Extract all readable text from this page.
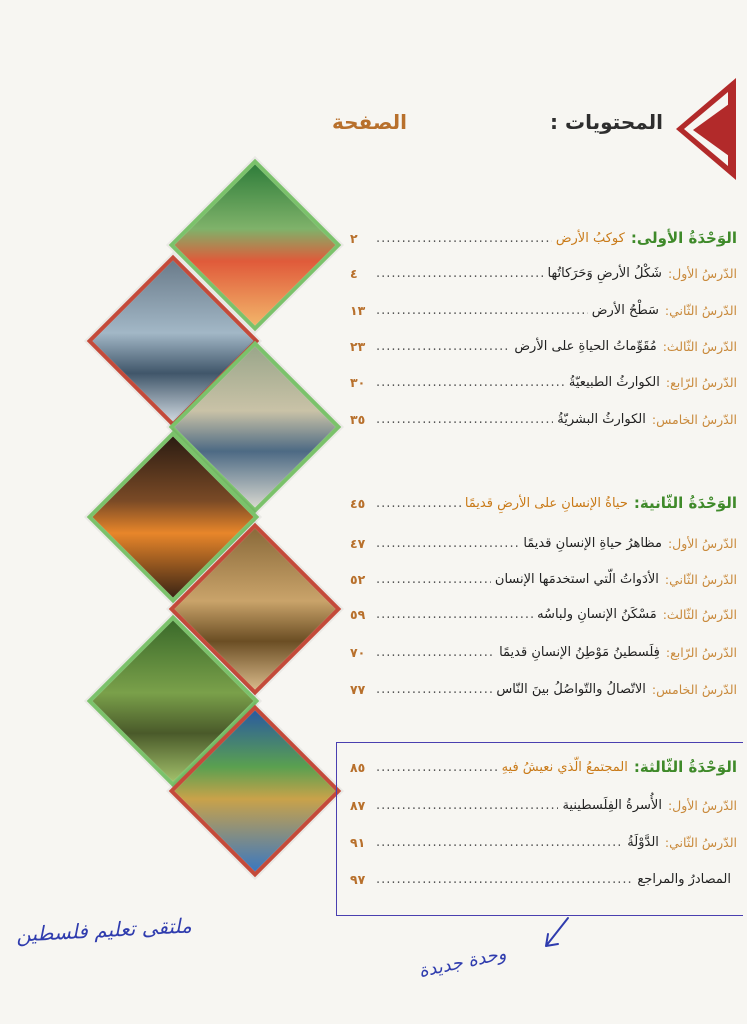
المحتويات :
الصفحة
الوَحْدَةُ الأولى:
كوكبُ الأرض
.....
٢
الدّرسُ الأول:
شَكْلُ الأرضِ وَحَرَكاتُها
.....
٤
الدّرسُ الثّاني:
سَطْحُ الأرض
.....
١٣
الدّرسُ الثّالث:
مُقَوِّماتُ الحياةِ على الأرض
.....
٢٣
الدّرسُ الرّابع:
الكوارثُ الطبيعيّةُ
.....
٣٠
الدّرسُ الخامس:
الكوارثُ البشريّةُ
.....
٣٥
الوَحْدَةُ الثّانية:
حياةُ الإنسانِ على الأرضِ قديمًا
.....
٤٥
الدّرسُ الأول:
مظاهرُ حياةِ الإنسانِ قديمًا
.....
٤٧
الدّرسُ الثّاني:
الأدَواتُ الّتي استخدمَها الإنسان
.....
٥٢
الدّرسُ الثّالث:
مَسْكَنُ الإنسانِ ولباسُه
.....
٥٩
الدّرسُ الرّابع:
فِلَسطينُ مَوْطِنُ الإنسانِ قديمًا
.....
٧٠
الدّرسُ الخامس:
الاتّصالُ والتّواصُلُ بينَ النّاس
.....
٧٧
الوَحْدَةُ الثّالثة:
المجتمعُ الّذي نعيشُ فيهِ
.....
٨٥
الدّرسُ الأول:
الأُسرةُ الفِلَسطينية
.....
٨٧
الدّرسُ الثّاني:
الدَّوْلَةُ
.....
٩١
المصادرُ والمراجع
.....
٩٧
ملتقى تعليم فلسطين
وحدة جديدة
